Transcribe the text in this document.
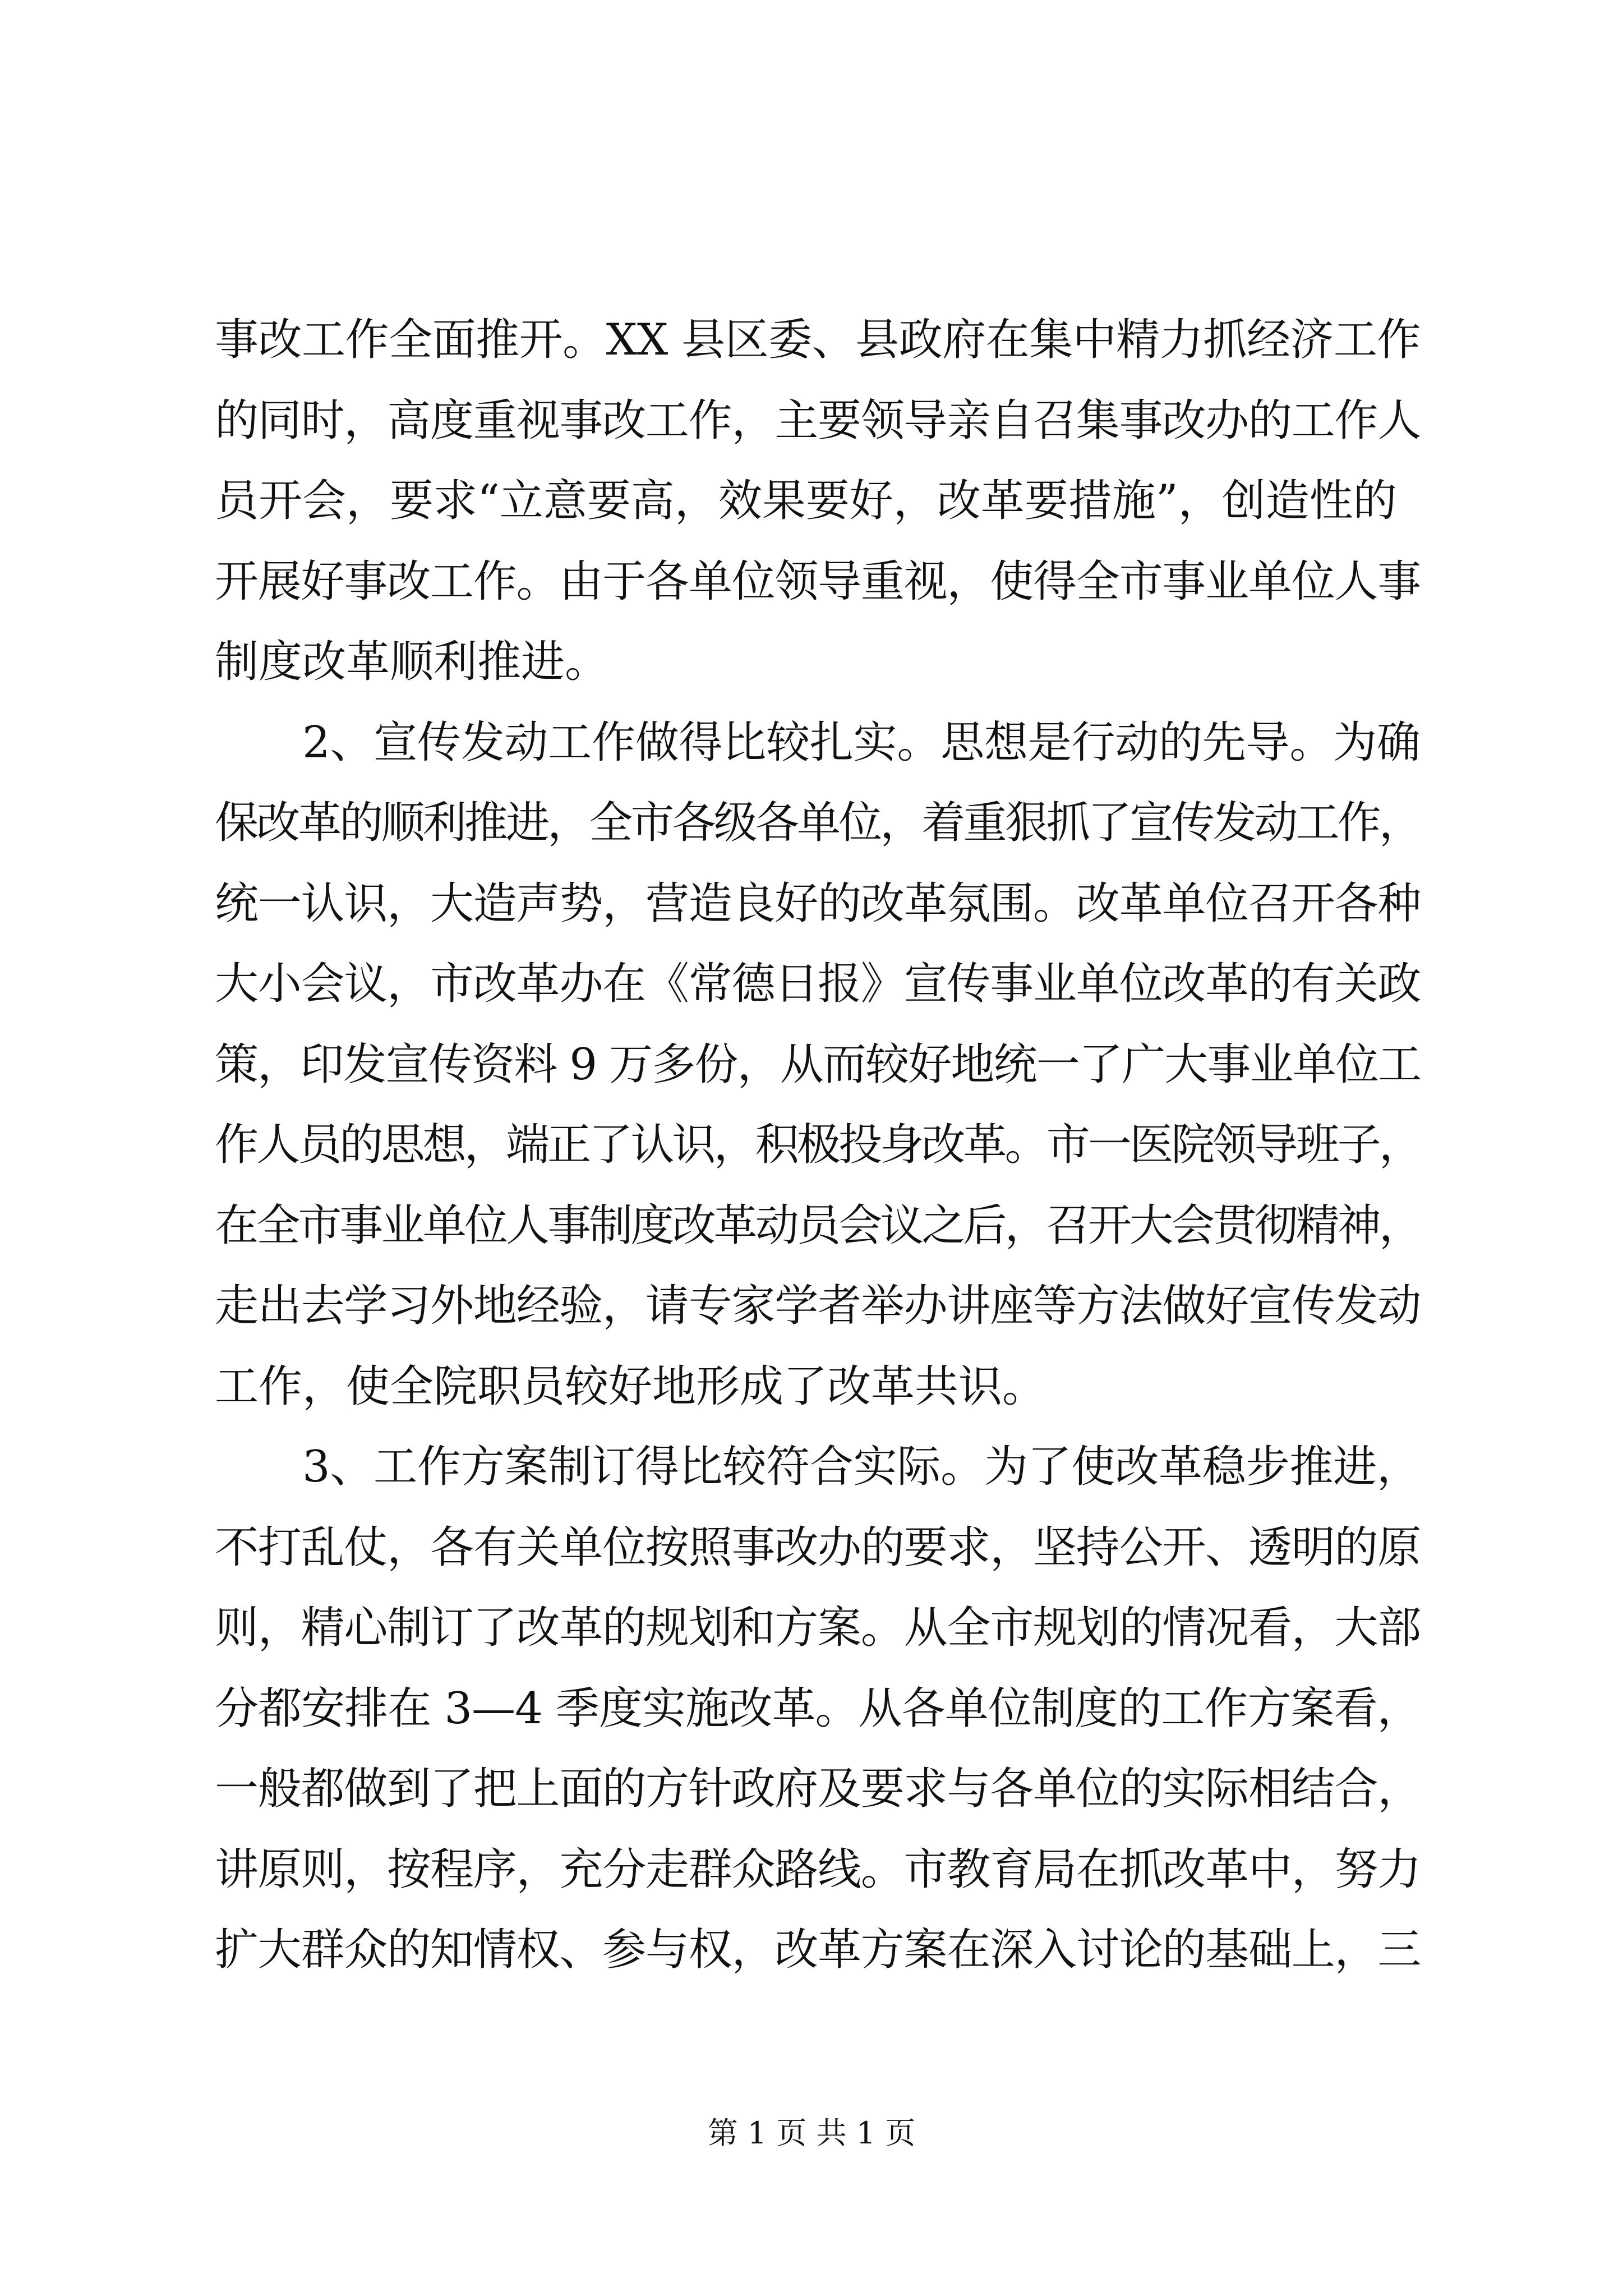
事改工作全面推开。XX 县区委、县政府在集中精力抓经济工作
的同时，高度重视事改工作，主要领导亲自召集事改办的工作人
员开会，要求“立意要高，效果要好，改革要措施”，创造性的
开展好事改工作。由于各单位领导重视，使得全市事业单位人事
制度改革顺利推进。
2、宣传发动工作做得比较扎实。思想是行动的先导。为确
保改革的顺利推进，全市各级各单位，着重狠抓了宣传发动工作，
统一认识，大造声势，营造良好的改革氛围。改革单位召开各种
大小会议，市改革办在《常德日报》宣传事业单位改革的有关政
策，印发宣传资料 9 万多份，从而较好地统一了广大事业单位工
作人员的思想，端正了认识，积极投身改革。市一医院领导班子，
在全市事业单位人事制度改革动员会议之后，召开大会贯彻精神，
走出去学习外地经验，请专家学者举办讲座等方法做好宣传发动
工作，使全院职员较好地形成了改革共识。
3、工作方案制订得比较符合实际。为了使改革稳步推进，
不打乱仗，各有关单位按照事改办的要求，坚持公开、透明的原
则，精心制订了改革的规划和方案。从全市规划的情况看，大部
分都安排在 3—4 季度实施改革。从各单位制度的工作方案看，
一般都做到了把上面的方针政府及要求与各单位的实际相结合，
讲原则，按程序，充分走群众路线。市教育局在抓改革中，努力
扩大群众的知情权、参与权，改革方案在深入讨论的基础上，三
第 1 页 共 1 页
